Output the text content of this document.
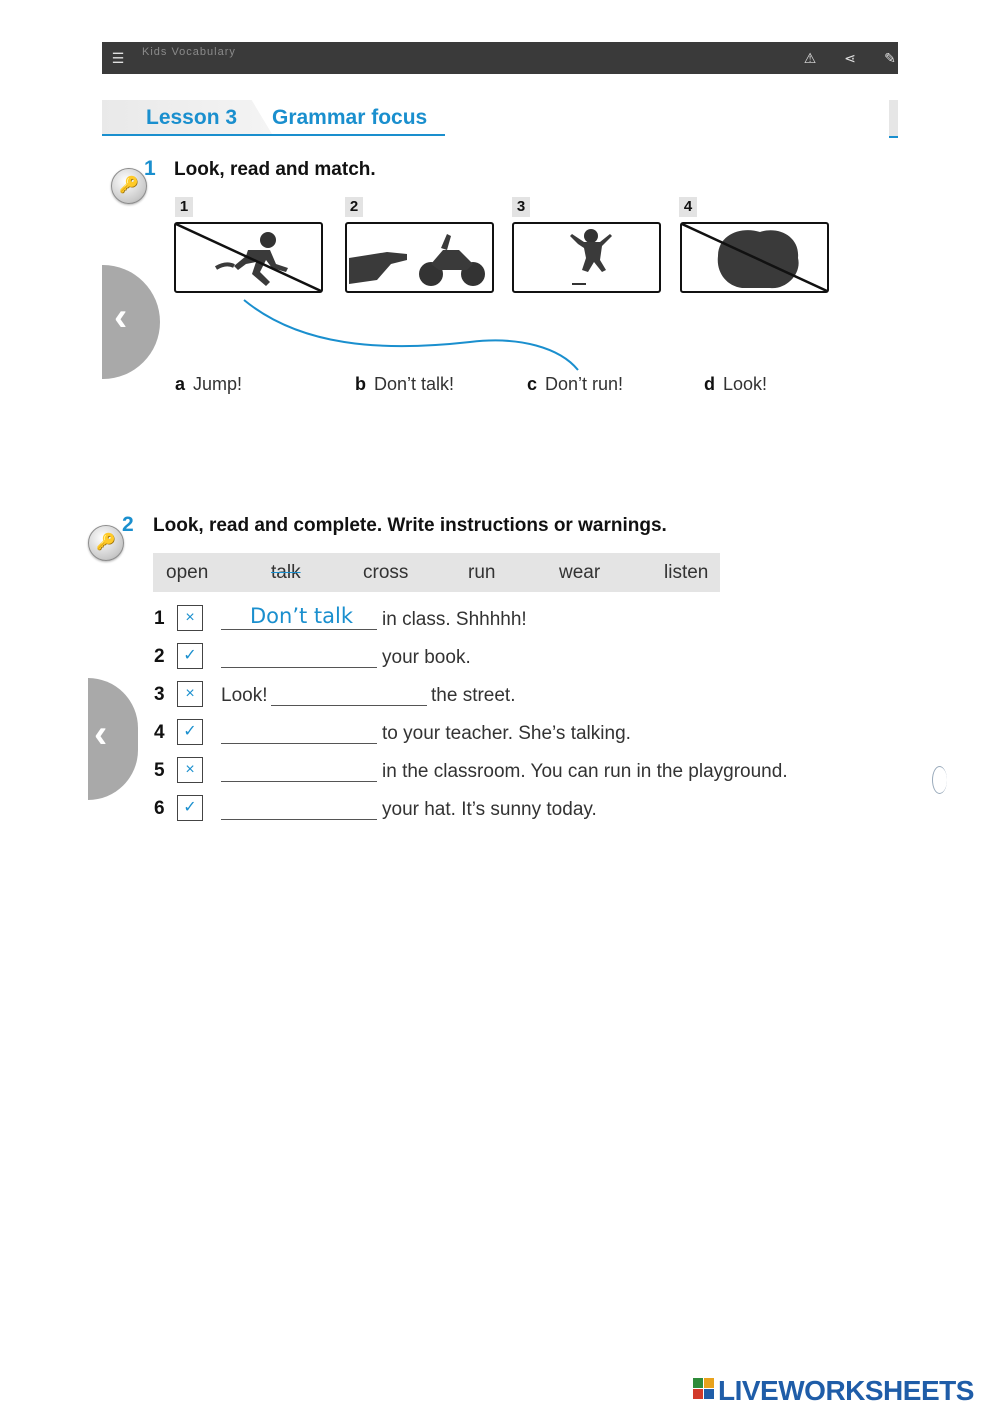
☰ Kids Vocabulary	⚠ ⋖ ✎
Lesson 3 Grammar focus
🔑
1 Look, read and match.
1	2	3	4
a Jump!	b Don’t talk!	c Don’t run!	d Look!
‹
‹
🔑
2 Look, read and complete. Write instructions or warnings.
open	talk	cross	run	wear	listen
1	×	Don’t talk in class. Shhhhh!
2	✓	your book.
3	×	Look!	the street.
4	✓	to your teacher. She’s talking.
5	×	in the classroom. You can run in the playground.
6	✓	your hat. It’s sunny today.
LIVEWORKSHEETS
